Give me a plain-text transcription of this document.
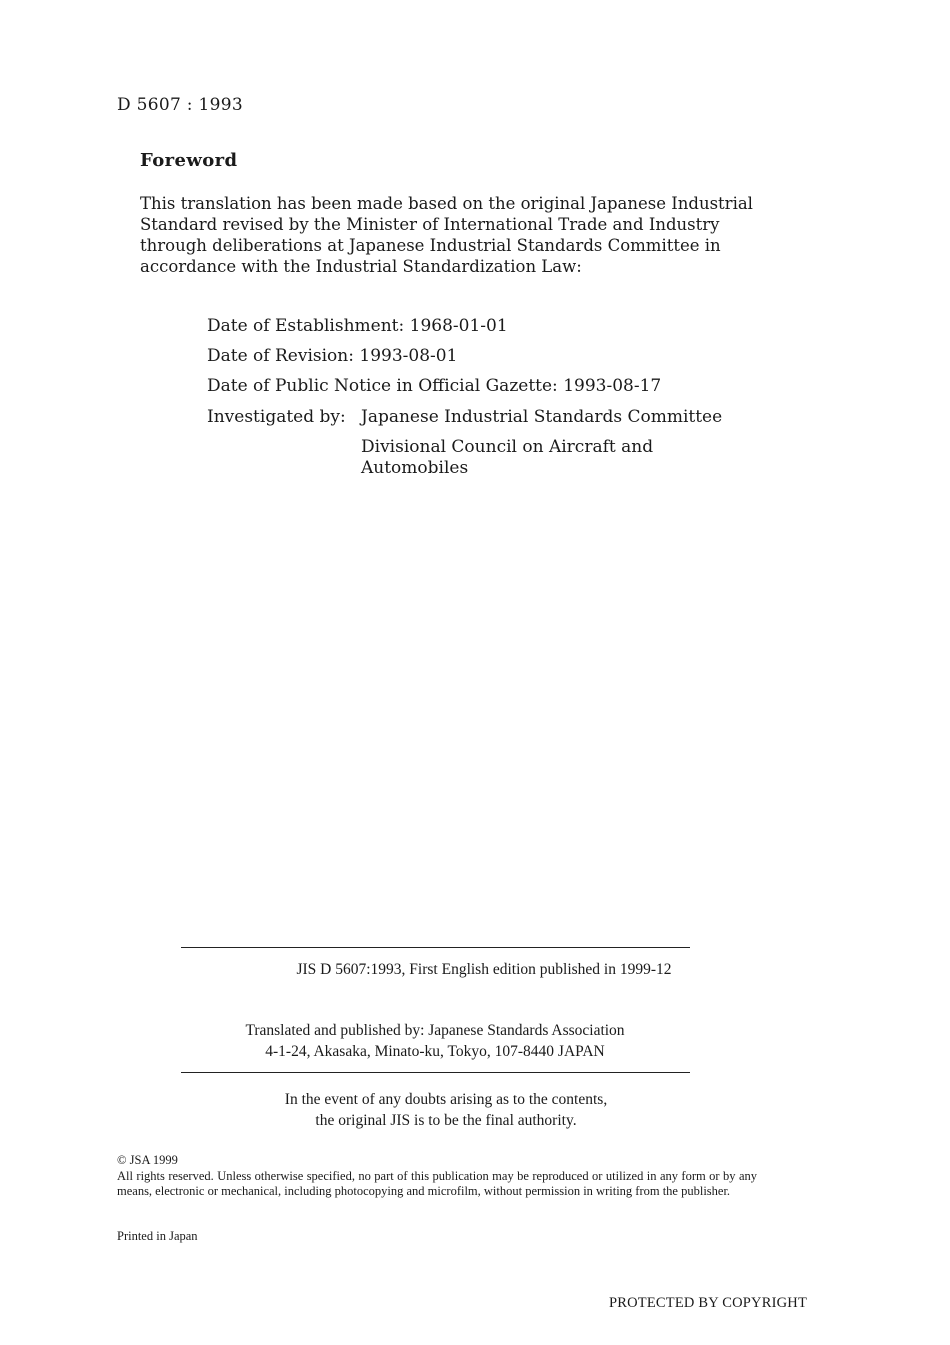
D 5607 : 1993
Foreword

This translation has been made based on the original Japanese Industrial

Standard revised by the Minister of International Trade and Industry

through deliberations at Japanese Industrial Standards Committee in

accordance with the Industrial Standardization Law:

Date of Establishment: 1968-01-01
Date of Revision: 1993-08-01
Date of Public Notice in Official Gazette: 1993-08-17
Investigated by: Japanese Industrial Standards Committee
Divisional Council on Aircraft and
Automobiles
JIS D 5607:1993, First English edition published in 1999-12
Translated and published by: Japanese Standards Association
4-1-24, Akasaka, Minato-ku, Tokyo, 107-8440 JAPAN
In the event of any doubts arising as to the contents,
the original JIS is to be the final authority.
© JSA 1999
All rights reserved. Unless otherwise specified, no part of this publication may be reproduced or utilized in any form or by any means, electronic or mechanical, including photocopying and microfilm, without permission in writing from the publisher.
Printed in Japan
PROTECTED BY COPYRIGHT
